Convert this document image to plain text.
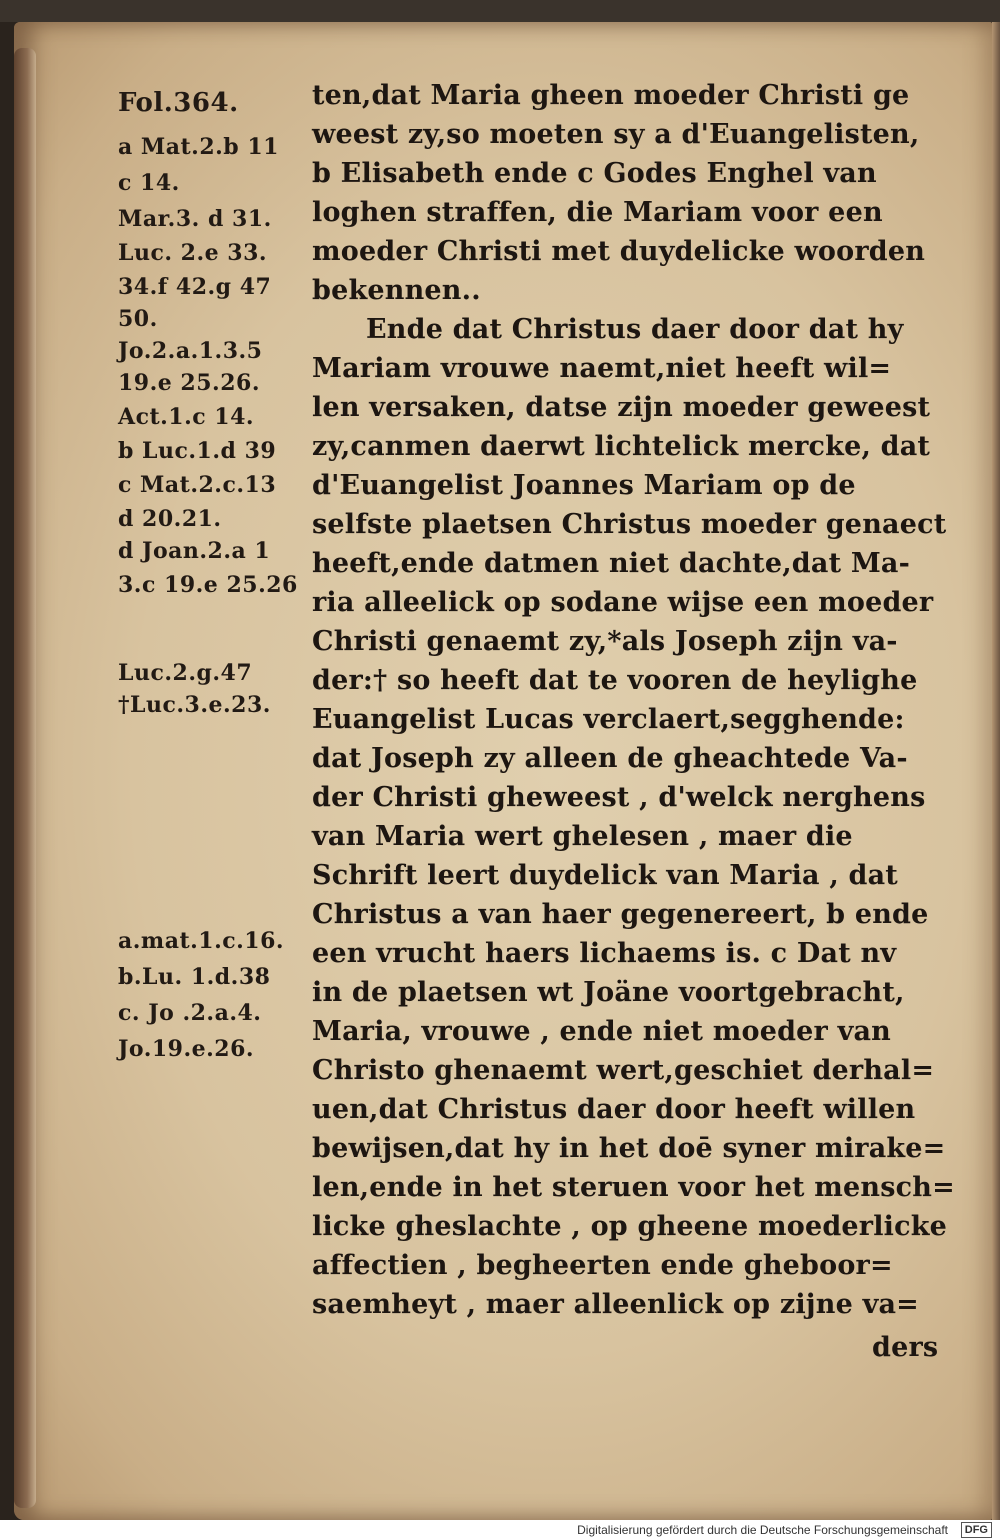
Fol.364.
a Mat.2.b 11
c 14.
Mar.3. d 31.
Luc. 2.e 33.
34.f 42.g 47
50.
Jo.2.a.1.3.5
19.e 25.26.
Act.1.c 14.
b Luc.1.d 39
c Mat.2.c.13
d 20.21.
d Joan.2.a 1
3.c 19.e 25.26
Luc.2.g.47
†Luc.3.e.23.
a.mat.1.c.16.
b.Lu. 1.d.38
c. Jo .2.a.4.
Jo.19.e.26.
ten,dat Maria gheen moeder Christi ge
weest zy,so moeten sy a d'Euangelisten,
b Elisabeth ende c Godes Enghel van
loghen straffen, die Mariam voor een
moeder Christi met duydelicke woorden
bekennen..
Ende dat Christus daer door dat hy
Mariam vrouwe naemt,niet heeft wil=
len versaken, datse zijn moeder geweest
zy,canmen daerwt lichtelick mercke, dat
d'Euangelist Joannes Mariam op de
selfste plaetsen Christus moeder genaect
heeft,ende datmen niet dachte,dat Ma-
ria alleelick op sodane wijse een moeder
Christi genaemt zy,*als Joseph zijn va-
der:† so heeft dat te vooren de heylighe
Euangelist Lucas verclaert,segghende:
dat Joseph zy alleen de gheachtede Va-
der Christi gheweest , d'welck nerghens
van Maria wert ghelesen , maer die
Schrift leert duydelick van Maria , dat
Christus a van haer gegenereert, b ende
een vrucht haers lichaems is. c Dat nv
in de plaetsen wt Joäne voortgebracht,
Maria, vrouwe , ende niet moeder van
Christo ghenaemt wert,geschiet derhal=
uen,dat Christus daer door heeft willen
bewijsen,dat hy in het doē syner mirake=
len,ende in het steruen voor het mensch=
licke gheslachte , op gheene moederlicke
affectien , begheerten ende gheboor=
saemheyt , maer alleenlick op zijne va=
ders
Digitalisierung gefördert durch die Deutsche Forschungsgemeinschaft	DFG
